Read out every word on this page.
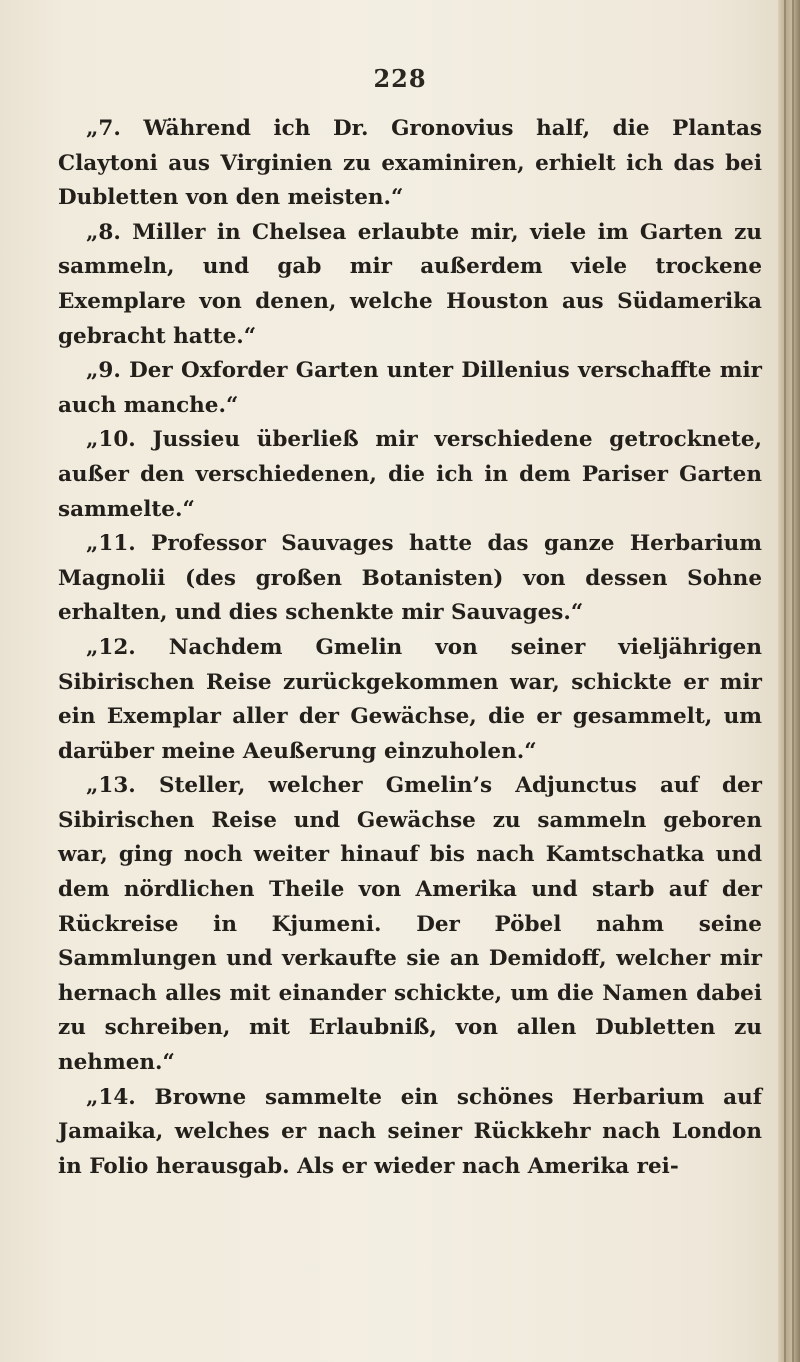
228

„7. Während ich Dr. Gronovius half, die Plantas Claytoni aus Virginien zu examiniren, erhielt ich das bei Dubletten von den meisten.“

„8. Miller in Chelsea erlaubte mir, viele im Garten zu sammeln, und gab mir außerdem viele trockene Exemplare von denen, welche Houston aus Südamerika gebracht hatte.“

„9. Der Oxforder Garten unter Dillenius verschaffte mir auch manche.“

„10. Jussieu überließ mir verschiedene getrocknete, außer den verschiedenen, die ich in dem Pariser Garten sammelte.“

„11. Professor Sauvages hatte das ganze Herbarium Magnolii (des großen Botanisten) von dessen Sohne erhalten, und dies schenkte mir Sauvages.“

„12. Nachdem Gmelin von seiner vieljährigen Sibirischen Reise zurückgekommen war, schickte er mir ein Exemplar aller der Gewächse, die er gesammelt, um darüber meine Aeußerung einzuholen.“

„13. Steller, welcher Gmelin’s Adjunctus auf der Sibirischen Reise und Gewächse zu sammeln geboren war, ging noch weiter hinauf bis nach Kamtschatka und dem nördlichen Theile von Amerika und starb auf der Rückreise in Kjumeni. Der Pöbel nahm seine Sammlungen und verkaufte sie an Demidoff, welcher mir hernach alles mit einander schickte, um die Namen dabei zu schreiben, mit Erlaubniß, von allen Dubletten zu nehmen.“

„14. Browne sammelte ein schönes Herbarium auf Jamaika, welches er nach seiner Rückkehr nach London in Folio herausgab. Als er wieder nach Amerika rei-
